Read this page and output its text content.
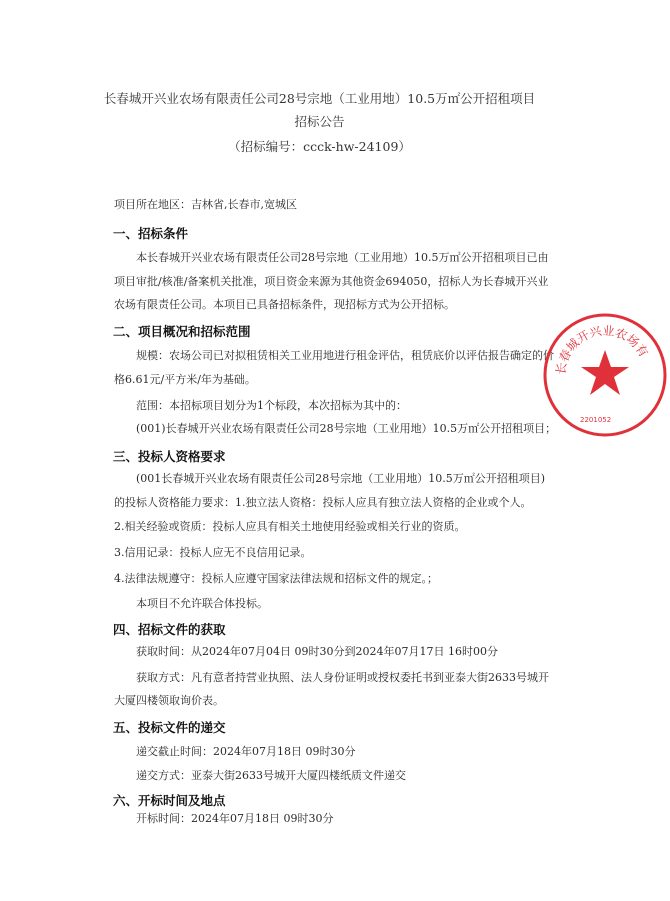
长春城开兴业农场有限责任公司28号宗地（工业用地）10.5万㎡公开招租项目
招标公告
（招标编号：ccck-hw-24109）
项目所在地区：吉林省,长春市,宽城区
一、招标条件
本长春城开兴业农场有限责任公司28号宗地（工业用地）10.5万㎡公开招租项目已由
项目审批/核准/备案机关批准，项目资金来源为其他资金694050，招标人为长春城开兴业
农场有限责任公司。本项目已具备招标条件，现招标方式为公开招标。
二、项目概况和招标范围
规模：农场公司已对拟租赁相关工业用地进行租金评估，租赁底价以评估报告确定的价
格6.61元/平方米/年为基础。
范围：本招标项目划分为1个标段，本次招标为其中的：
(001)长春城开兴业农场有限责任公司28号宗地（工业用地）10.5万㎡公开招租项目；
三、投标人资格要求
(001长春城开兴业农场有限责任公司28号宗地（工业用地）10.5万㎡公开招租项目)
的投标人资格能力要求：1.独立法人资格：投标人应具有独立法人资格的企业或个人。
2.相关经验或资质：投标人应具有相关土地使用经验或相关行业的资质。
3.信用记录：投标人应无不良信用记录。
4.法律法规遵守：投标人应遵守国家法律法规和招标文件的规定。；
本项目不允许联合体投标。
四、招标文件的获取
获取时间：从2024年07月04日 09时30分到2024年07月17日 16时00分
获取方式：凡有意者持营业执照、法人身份证明或授权委托书到亚泰大街2633号城开
大厦四楼领取询价表。
五、投标文件的递交
递交截止时间：2024年07月18日 09时30分
递交方式：亚泰大街2633号城开大厦四楼纸质文件递交
六、开标时间及地点
开标时间：2024年07月18日 09时30分
长春城开兴业农场有
2201052
